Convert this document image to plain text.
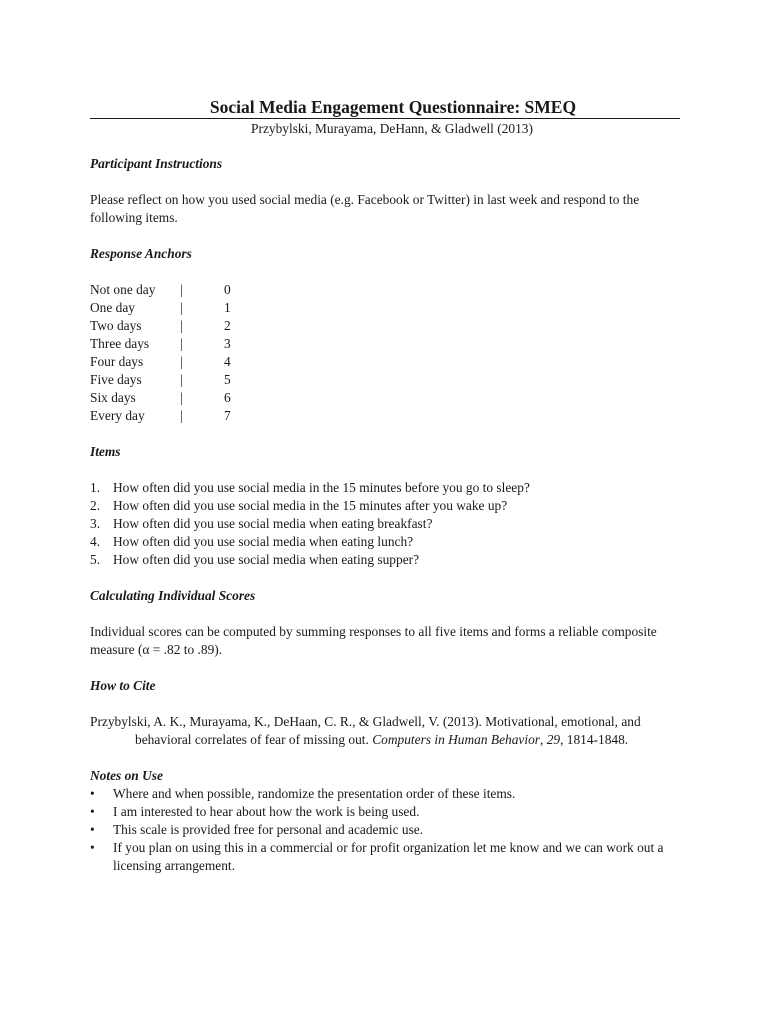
Social Media Engagement Questionnaire: SMEQ
Przybylski, Murayama, DeHann, & Gladwell (2013)

Participant Instructions

Please reflect on how you used social media (e.g. Facebook or Twitter) in last week and respond to the following items.

Response Anchors

Not one day	|	0
One day	|	1
Two days	|	2
Three days	|	3
Four days	|	4
Five days	|	5
Six days	|	6
Every day	|	7

Items

1. How often did you use social media in the 15 minutes before you go to sleep?
2. How often did you use social media in the 15 minutes after you wake up?
3. How often did you use social media when eating breakfast?
4. How often did you use social media when eating lunch?
5. How often did you use social media when eating supper?

Calculating Individual Scores

Individual scores can be computed by summing responses to all five items and forms a reliable composite measure (α = .82 to .89).

How to Cite

Przybylski, A. K., Murayama, K., DeHaan, C. R., & Gladwell, V. (2013). Motivational, emotional, and behavioral correlates of fear of missing out. Computers in Human Behavior, 29, 1814-1848.

Notes on Use

•	Where and when possible, randomize the presentation order of these items.
•	I am interested to hear about how the work is being used.
•	This scale is provided free for personal and academic use.
•	If you plan on using this in a commercial or for profit organization let me know and we can work out a licensing arrangement.
